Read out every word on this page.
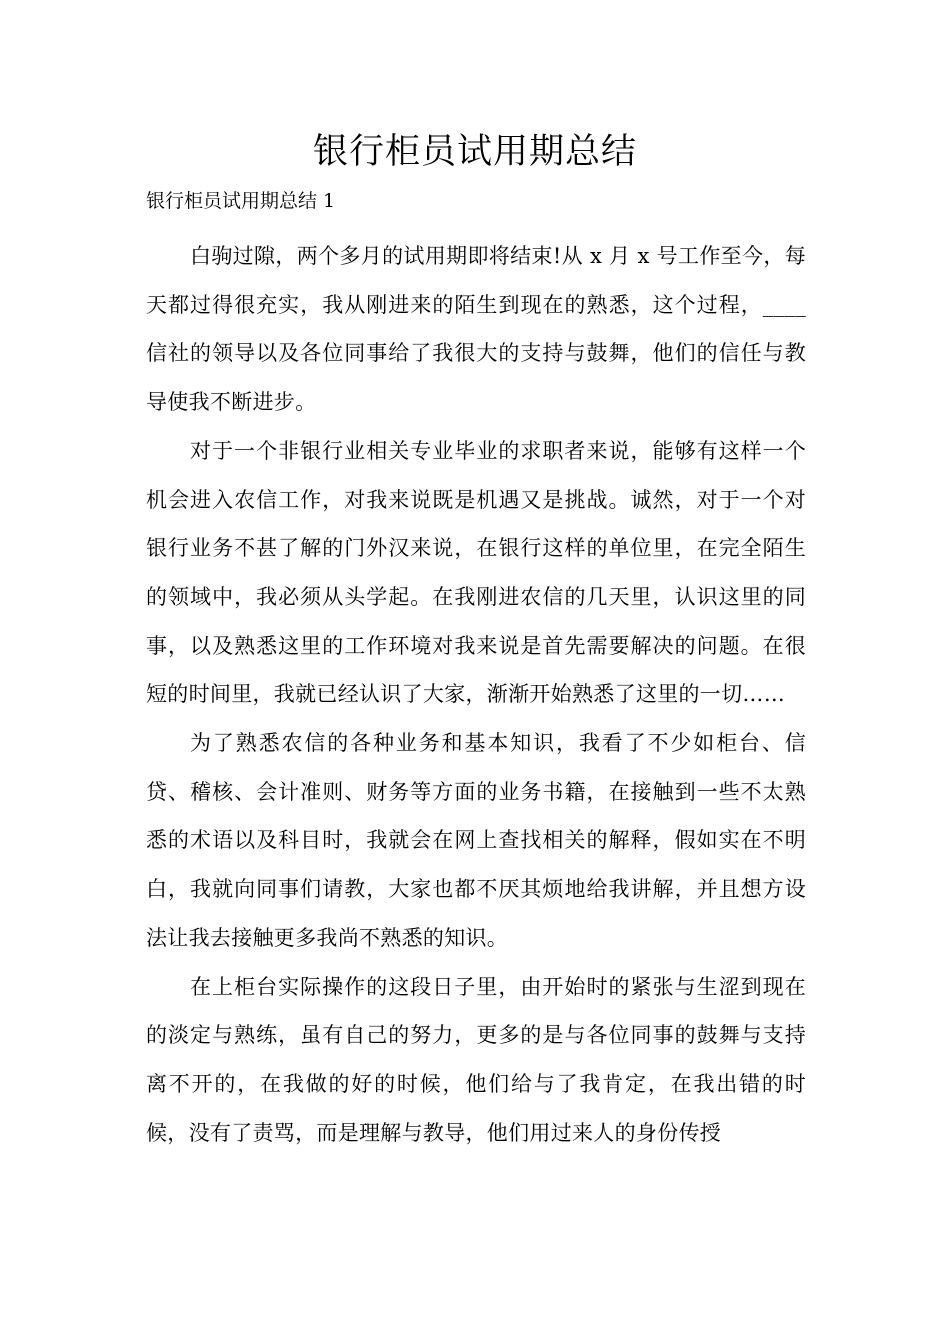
银行柜员试用期总结

银行柜员试用期总结 1

白驹过隙，两个多月的试用期即将结束!从 x 月 x 号工作至今，每天都过得很充实，我从刚进来的陌生到现在的熟悉，这个过程，____信社的领导以及各位同事给了我很大的支持与鼓舞，他们的信任与教导使我不断进步。

对于一个非银行业相关专业毕业的求职者来说，能够有这样一个机会进入农信工作，对我来说既是机遇又是挑战。诚然，对于一个对银行业务不甚了解的门外汉来说，在银行这样的单位里，在完全陌生的领域中，我必须从头学起。在我刚进农信的几天里，认识这里的同事，以及熟悉这里的工作环境对我来说是首先需要解决的问题。在很短的时间里，我就已经认识了大家，渐渐开始熟悉了这里的一切……

为了熟悉农信的各种业务和基本知识，我看了不少如柜台、信贷、稽核、会计准则、财务等方面的业务书籍，在接触到一些不太熟悉的术语以及科目时，我就会在网上查找相关的解释，假如实在不明白，我就向同事们请教，大家也都不厌其烦地给我讲解，并且想方设法让我去接触更多我尚不熟悉的知识。

在上柜台实际操作的这段日子里，由开始时的紧张与生涩到现在的淡定与熟练，虽有自己的努力，更多的是与各位同事的鼓舞与支持离不开的，在我做的好的时候，他们给与了我肯定，在我出错的时候，没有了责骂，而是理解与教导，他们用过来人的身份传授
